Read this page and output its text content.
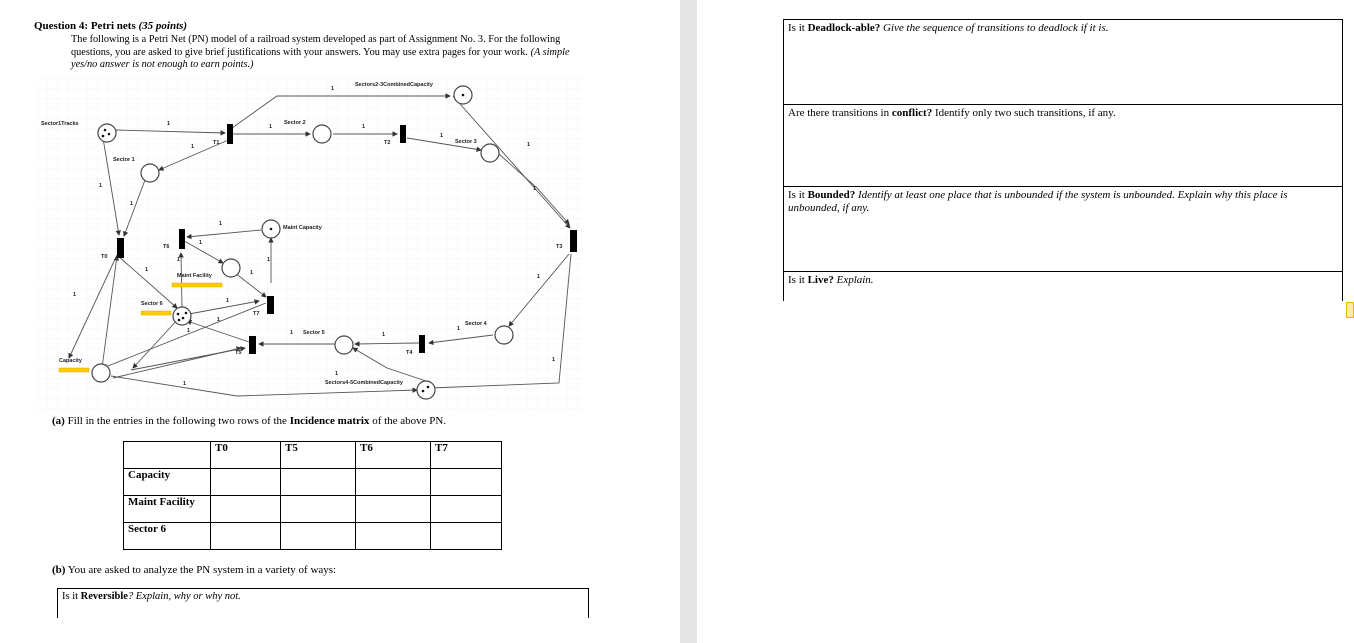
Question 4: Petri nets (35 points)
The following is a Petri Net (PN) model of a railroad system developed as part of Assignment No. 3. For the following questions, you are asked to give brief justifications with your answers. You may use extra pages for your work. (A simple yes/no answer is not enough to earn points.)
Sector1Tracks
Sector 1
Sector 2
Sector 3
Sector 4
Sector 5
Sector 6
Maint Capacity
Maint Facility
Capacity
Sectors2-3CombinedCapacity
Sectors4-5CombinedCapacity
T1	T2
T3
T4
T5
T6
T7
T0
1	1	1
1
1
1
1
1
1
1
1
1
1
1
1
1
1
1
1
1	1	1
1
1
1
1
1
(a) Fill in the entries in the following two rows of the Incidence matrix of the above PN.
	T0	T5	T6	T7
Capacity				
Maint Facility				
Sector 6				
(b) You are asked to analyze the PN system in a variety of ways:
Is it Reversible? Explain, why or why not.
Is it Deadlock-able? Give the sequence of transitions to deadlock if it is.
Are there transitions in conflict? Identify only two such transitions, if any.
Is it Bounded? Identify at least one place that is unbounded if the system is unbounded. Explain why this place is unbounded, if any.
Is it Live? Explain.
